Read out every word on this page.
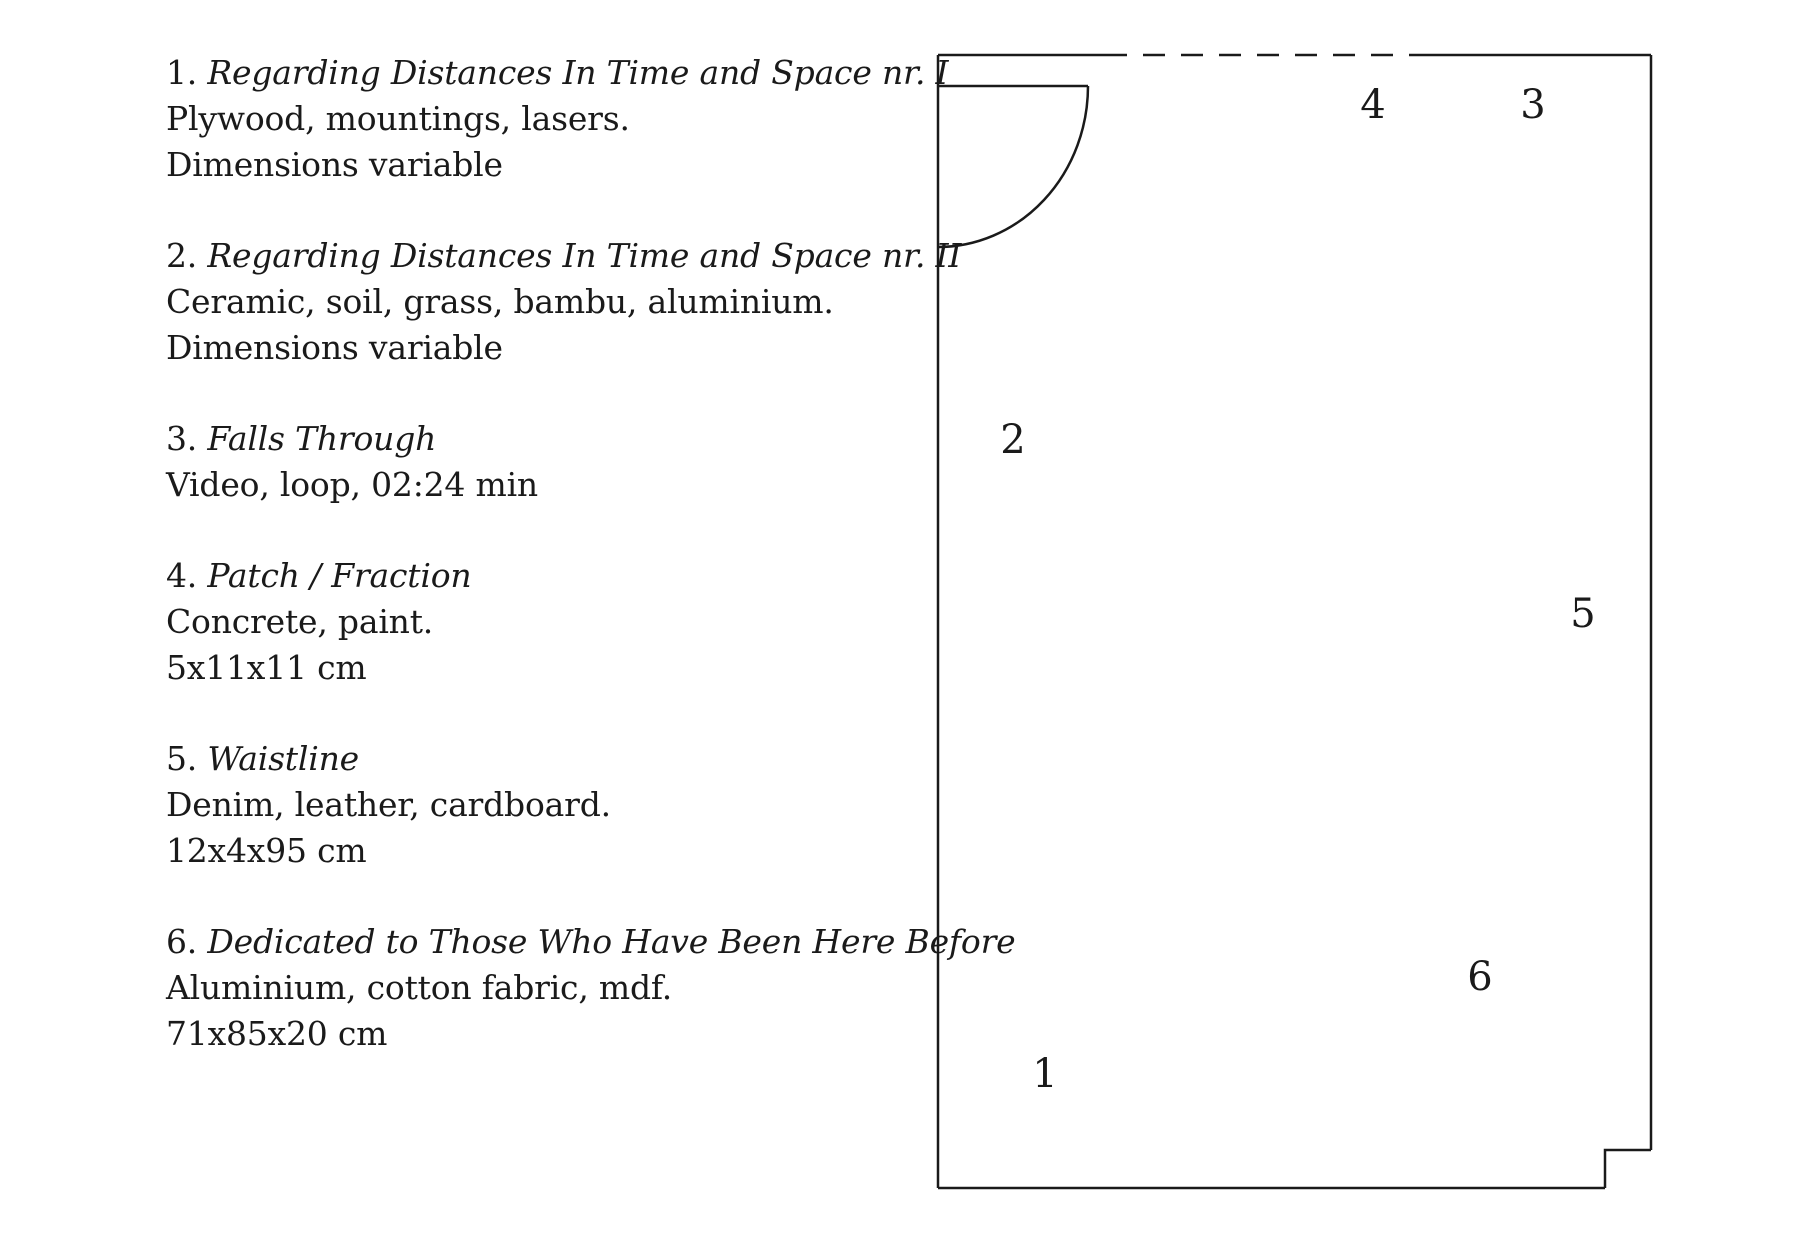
1. Regarding Distances In Time and Space nr. I
Plywood, mountings, lasers.
Dimensions variable
2. Regarding Distances In Time and Space nr. II
Ceramic, soil, grass, bambu, aluminium.
Dimensions variable
3. Falls Through
Video, loop, 02:24 min
4. Patch / Fraction
Concrete, paint.
5x11x11 cm
5. Waistline
Denim, leather, cardboard.
12x4x95 cm
6. Dedicated to Those Who Have Been Here Before
Aluminium, cotton fabric, mdf.
71x85x20 cm
1
2
3
4
5
6
